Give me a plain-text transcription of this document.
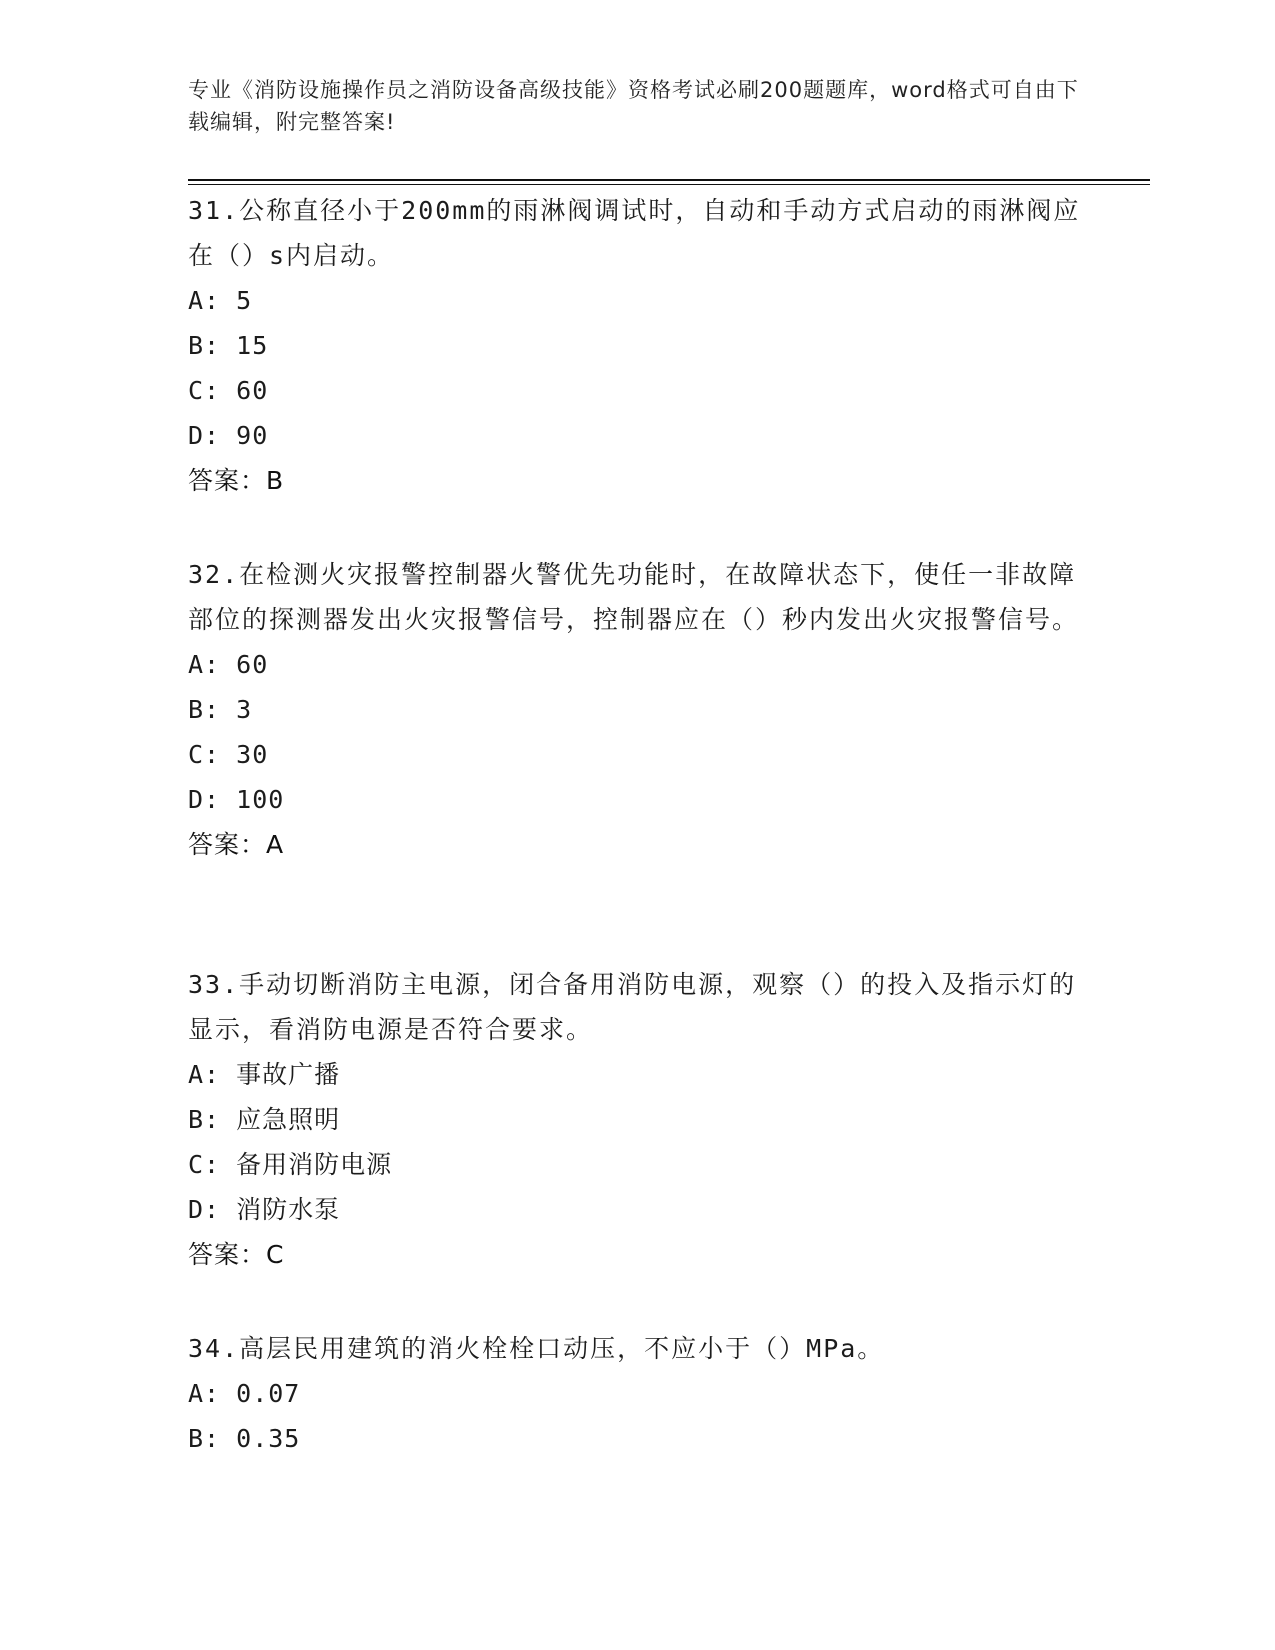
专业《消防设施操作员之消防设备高级技能》资格考试必刷200题题库，word格式可自由下载编辑，附完整答案!

31.公称直径小于200mm的雨淋阀调试时，自动和手动方式启动的雨淋阀应在（）s内启动。

A: 5

B: 15

C: 60

D: 90

答案：B

32.在检测火灾报警控制器火警优先功能时，在故障状态下，使任一非故障部位的探测器发出火灾报警信号，控制器应在（）秒内发出火灾报警信号。

A: 60

B: 3

C: 30

D: 100

答案：A

33.手动切断消防主电源，闭合备用消防电源，观察（）的投入及指示灯的显示，看消防电源是否符合要求。

A: 事故广播

B: 应急照明

C: 备用消防电源

D: 消防水泵

答案：C

34.高层民用建筑的消火栓栓口动压，不应小于（）MPa。

A: 0.07

B: 0.35
